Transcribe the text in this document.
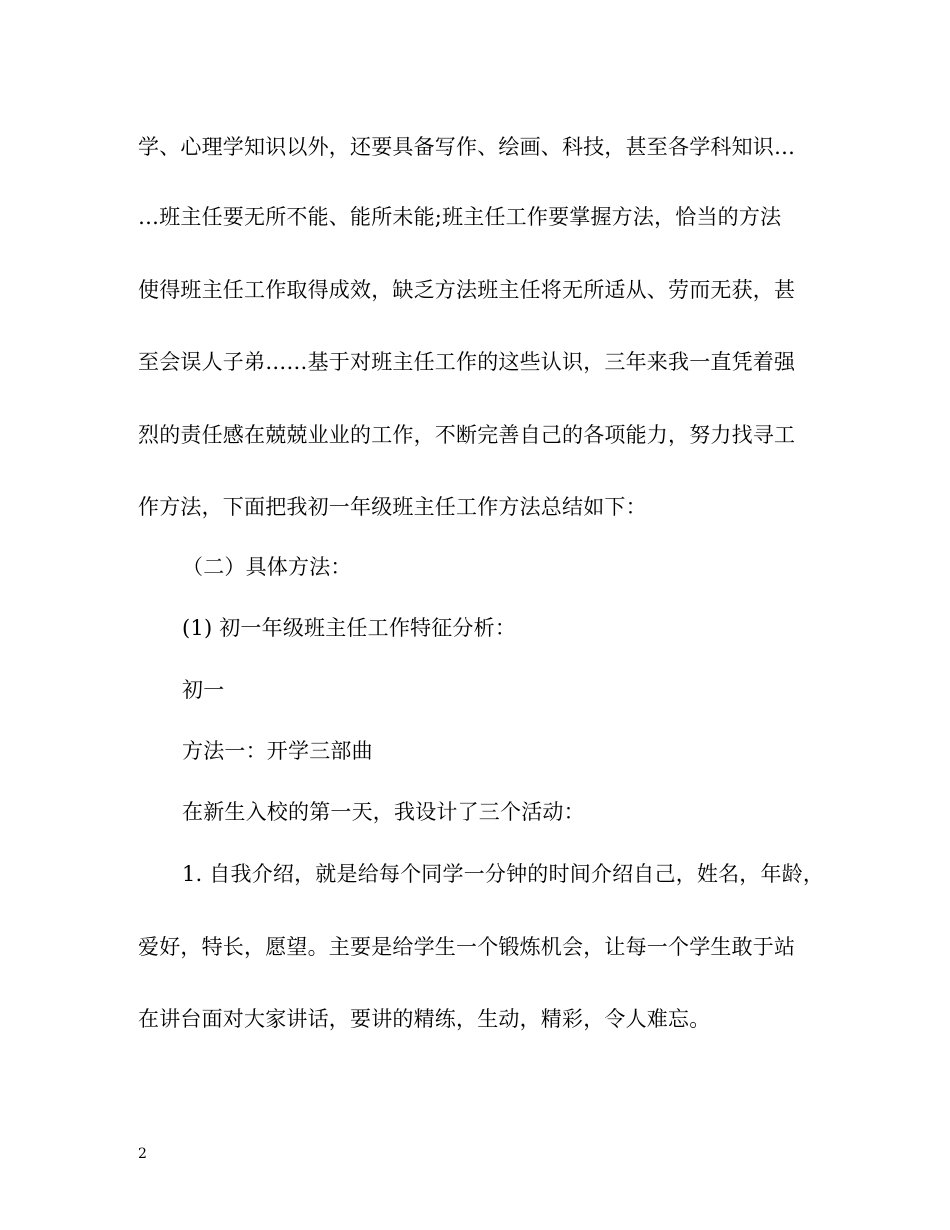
学、心理学知识以外，还要具备写作、绘画、科技，甚至各学科知识…
…班主任要无所不能、能所未能;班主任工作要掌握方法，恰当的方法
使得班主任工作取得成效，缺乏方法班主任将无所适从、劳而无获，甚
至会误人子弟……基于对班主任工作的这些认识，三年来我一直凭着强
烈的责任感在兢兢业业的工作，不断完善自己的各项能力，努力找寻工
作方法，下面把我初一年级班主任工作方法总结如下：
（二）具体方法：
(1) 初一年级班主任工作特征分析：
初一
方法一：开学三部曲
在新生入校的第一天，我设计了三个活动：
1. 自我介绍，就是给每个同学一分钟的时间介绍自己，姓名，年龄，
爱好，特长，愿望。主要是给学生一个锻炼机会，让每一个学生敢于站
在讲台面对大家讲话，要讲的精练，生动，精彩，令人难忘。
2
